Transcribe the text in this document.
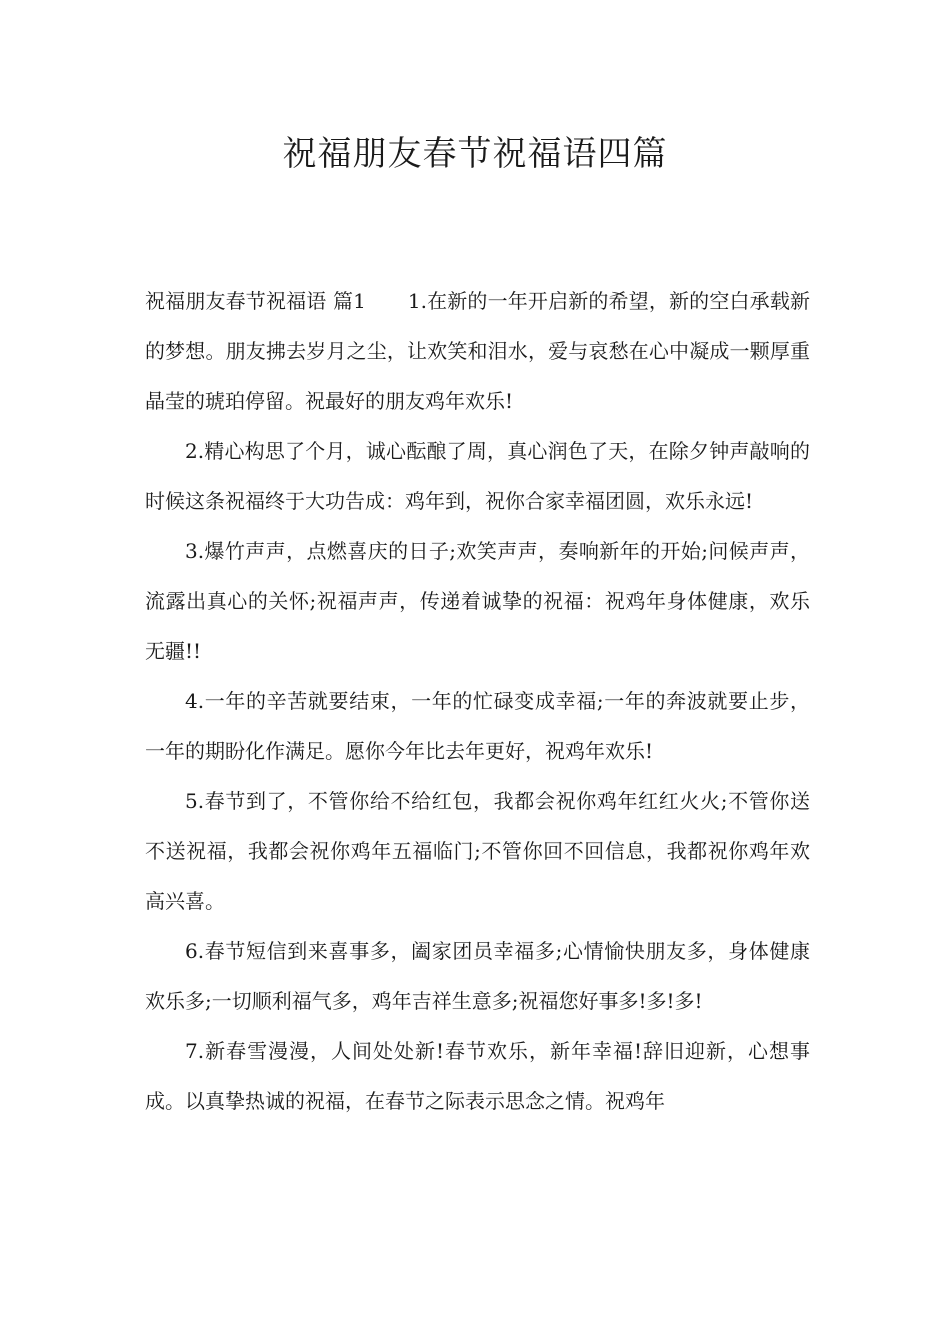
祝福朋友春节祝福语四篇

祝福朋友春节祝福语 篇1 1.在新的一年开启新的希望，新的空白承载新的梦想。朋友拂去岁月之尘，让欢笑和泪水，爱与哀愁在心中凝成一颗厚重晶莹的琥珀停留。祝最好的朋友鸡年欢乐!

2.精心构思了个月，诚心酝酿了周，真心润色了天，在除夕钟声敲响的时候这条祝福终于大功告成：鸡年到，祝你合家幸福团圆，欢乐永远!

3.爆竹声声，点燃喜庆的日子;欢笑声声，奏响新年的开始;问候声声，流露出真心的关怀;祝福声声，传递着诚挚的祝福：祝鸡年身体健康，欢乐无疆!!

4.一年的辛苦就要结束，一年的忙碌变成幸福;一年的奔波就要止步，一年的期盼化作满足。愿你今年比去年更好，祝鸡年欢乐!

5.春节到了，不管你给不给红包，我都会祝你鸡年红红火火;不管你送不送祝福，我都会祝你鸡年五福临门;不管你回不回信息，我都祝你鸡年欢高兴喜。

6.春节短信到来喜事多，阖家团员幸福多;心情愉快朋友多，身体健康欢乐多;一切顺利福气多，鸡年吉祥生意多;祝福您好事多!多!多!

7.新春雪漫漫，人间处处新!春节欢乐，新年幸福!辞旧迎新，心想事成。以真挚热诚的祝福，在春节之际表示思念之情。祝鸡年
